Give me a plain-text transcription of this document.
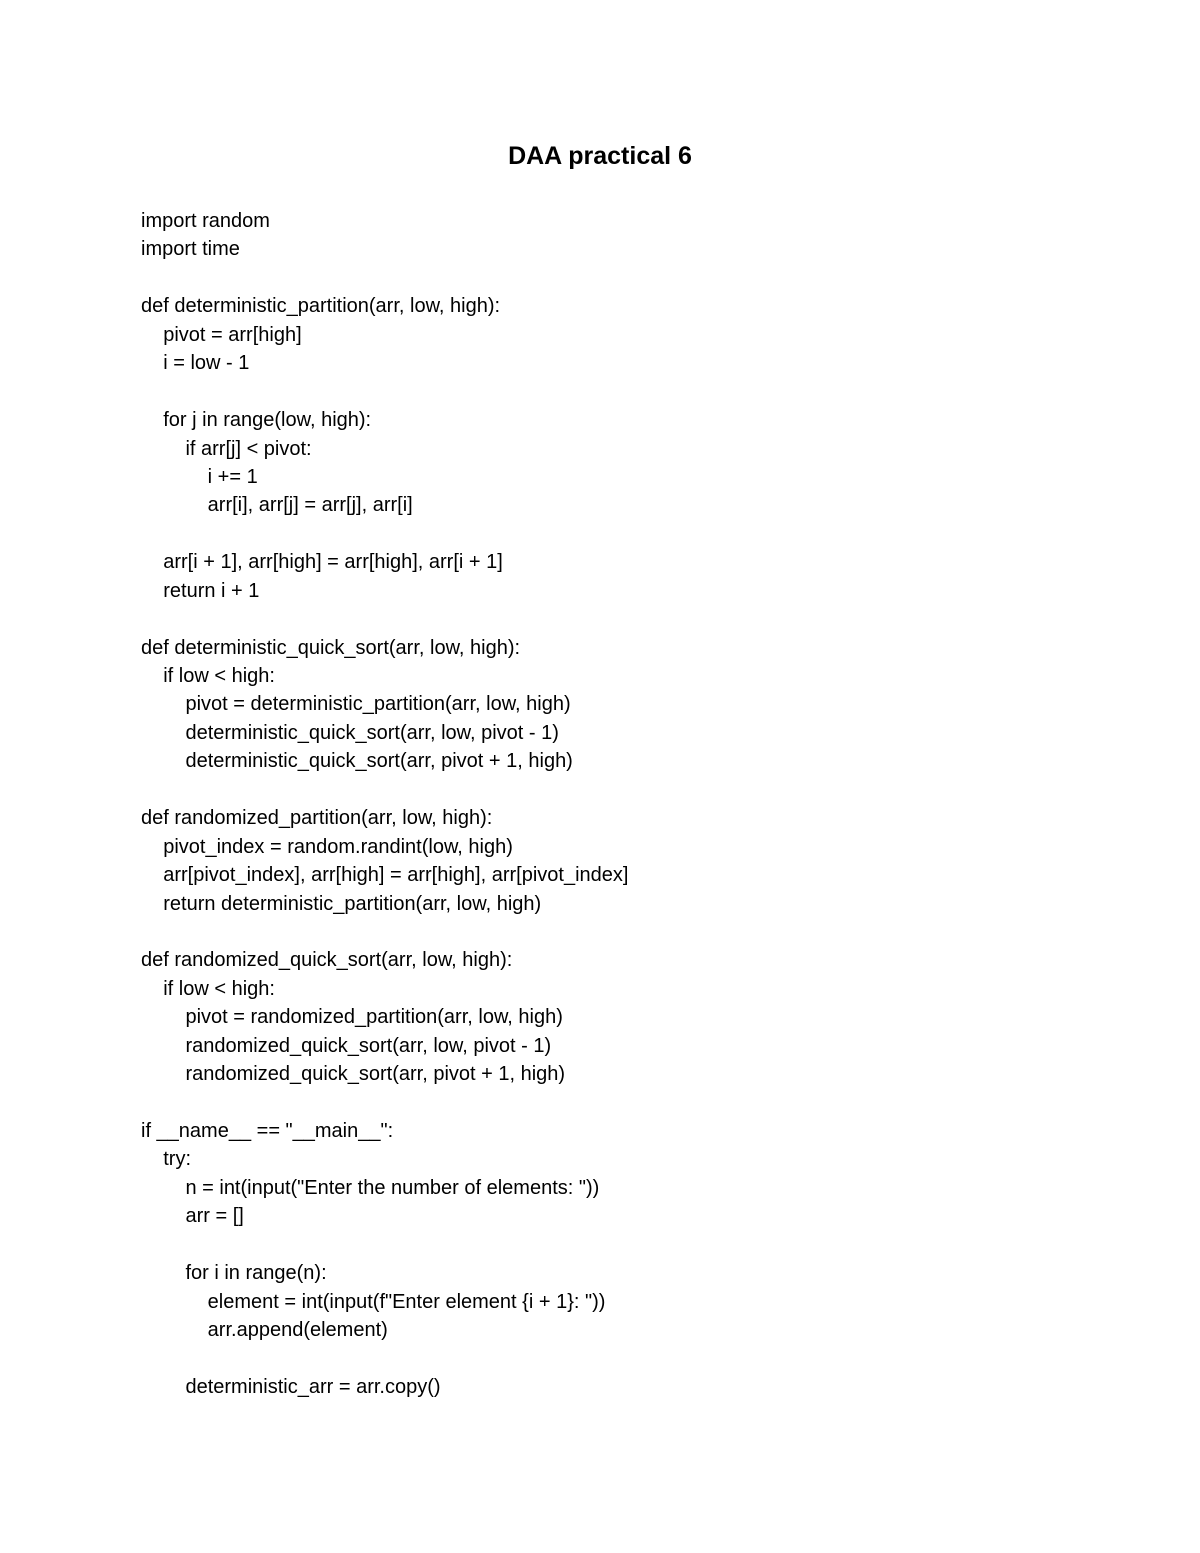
DAA practical 6
import random
import time

def deterministic_partition(arr, low, high):
pivot = arr[high]
i = low - 1

for j in range(low, high):
if arr[j] < pivot:
i += 1
arr[i], arr[j] = arr[j], arr[i]

arr[i + 1], arr[high] = arr[high], arr[i + 1]
return i + 1

def deterministic_quick_sort(arr, low, high):
if low < high:
pivot = deterministic_partition(arr, low, high)
deterministic_quick_sort(arr, low, pivot - 1)
deterministic_quick_sort(arr, pivot + 1, high)

def randomized_partition(arr, low, high):
pivot_index = random.randint(low, high)
arr[pivot_index], arr[high] = arr[high], arr[pivot_index]
return deterministic_partition(arr, low, high)

def randomized_quick_sort(arr, low, high):
if low < high:
pivot = randomized_partition(arr, low, high)
randomized_quick_sort(arr, low, pivot - 1)
randomized_quick_sort(arr, pivot + 1, high)

if __name__ == "__main__":
try:
n = int(input("Enter the number of elements: "))
arr = []

for i in range(n):
element = int(input(f"Enter element {i + 1}: "))
arr.append(element)

deterministic_arr = arr.copy()
